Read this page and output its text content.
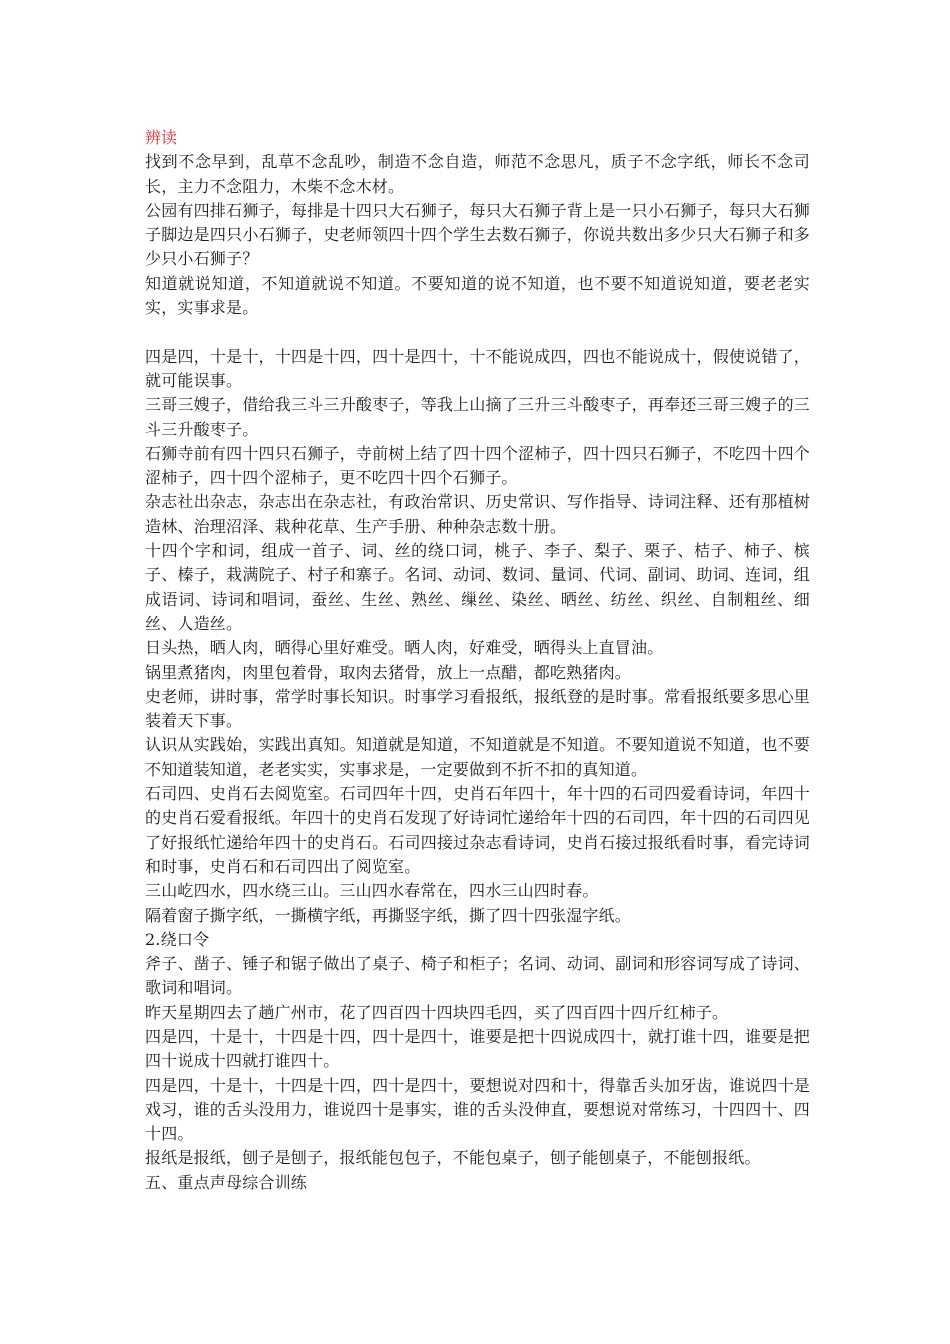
辨读

找到不念早到，乱草不念乱吵，制造不念自造，师范不念思凡，质子不念字纸，师长不念司长，主力不念阻力，木柴不念木材。

公园有四排石狮子，每排是十四只大石狮子，每只大石狮子背上是一只小石狮子，每只大石狮子脚边是四只小石狮子，史老师领四十四个学生去数石狮子，你说共数出多少只大石狮子和多少只小石狮子？

知道就说知道，不知道就说不知道。不要知道的说不知道，也不要不知道说知道，要老老实实，实事求是。

四是四，十是十，十四是十四，四十是四十，十不能说成四，四也不能说成十，假使说错了，就可能误事。

三哥三嫂子，借给我三斗三升酸枣子，等我上山摘了三升三斗酸枣子，再奉还三哥三嫂子的三斗三升酸枣子。

石狮寺前有四十四只石狮子，寺前树上结了四十四个涩柿子，四十四只石狮子，不吃四十四个涩柿子，四十四个涩柿子，更不吃四十四个石狮子。

杂志社出杂志，杂志出在杂志社，有政治常识、历史常识、写作指导、诗词注释、还有那植树造林、治理沼泽、栽种花草、生产手册、种种杂志数十册。

十四个字和词，组成一首子、词、丝的绕口词，桃子、李子、梨子、栗子、桔子、柿子、槟子、榛子，栽满院子、村子和寨子。名词、动词、数词、量词、代词、副词、助词、连词，组成语词、诗词和唱词，蚕丝、生丝、熟丝、缫丝、染丝、晒丝、纺丝、织丝、自制粗丝、细丝、人造丝。

日头热，晒人肉，晒得心里好难受。晒人肉，好难受，晒得头上直冒油。

锅里煮猪肉，肉里包着骨，取肉去猪骨，放上一点醋，都吃熟猪肉。

史老师，讲时事，常学时事长知识。时事学习看报纸，报纸登的是时事。常看报纸要多思心里装着天下事。

认识从实践始，实践出真知。知道就是知道，不知道就是不知道。不要知道说不知道，也不要不知道装知道，老老实实，实事求是，一定要做到不折不扣的真知道。

石司四、史肖石去阅览室。石司四年十四，史肖石年四十，年十四的石司四爱看诗词，年四十的史肖石爱看报纸。年四十的史肖石发现了好诗词忙递给年十四的石司四，年十四的石司四见了好报纸忙递给年四十的史肖石。石司四接过杂志看诗词，史肖石接过报纸看时事，看完诗词和时事，史肖石和石司四出了阅览室。

三山屹四水，四水绕三山。三山四水春常在，四水三山四时春。

隔着窗子撕字纸，一撕横字纸，再撕竖字纸，撕了四十四张湿字纸。

2.绕口令

斧子、凿子、锤子和锯子做出了桌子、椅子和柜子；名词、动词、副词和形容词写成了诗词、歌词和唱词。

昨天星期四去了趟广州市，花了四百四十四块四毛四，买了四百四十四斤红柿子。

四是四，十是十，十四是十四，四十是四十，谁要是把十四说成四十，就打谁十四，谁要是把四十说成十四就打谁四十。

四是四，十是十，十四是十四，四十是四十，要想说对四和十，得靠舌头加牙齿，谁说四十是戏习，谁的舌头没用力，谁说四十是事实，谁的舌头没伸直，要想说对常练习，十四四十、四十四。

报纸是报纸，刨子是刨子，报纸能包包子，不能包桌子，刨子能刨桌子，不能刨报纸。

五、重点声母综合训练
